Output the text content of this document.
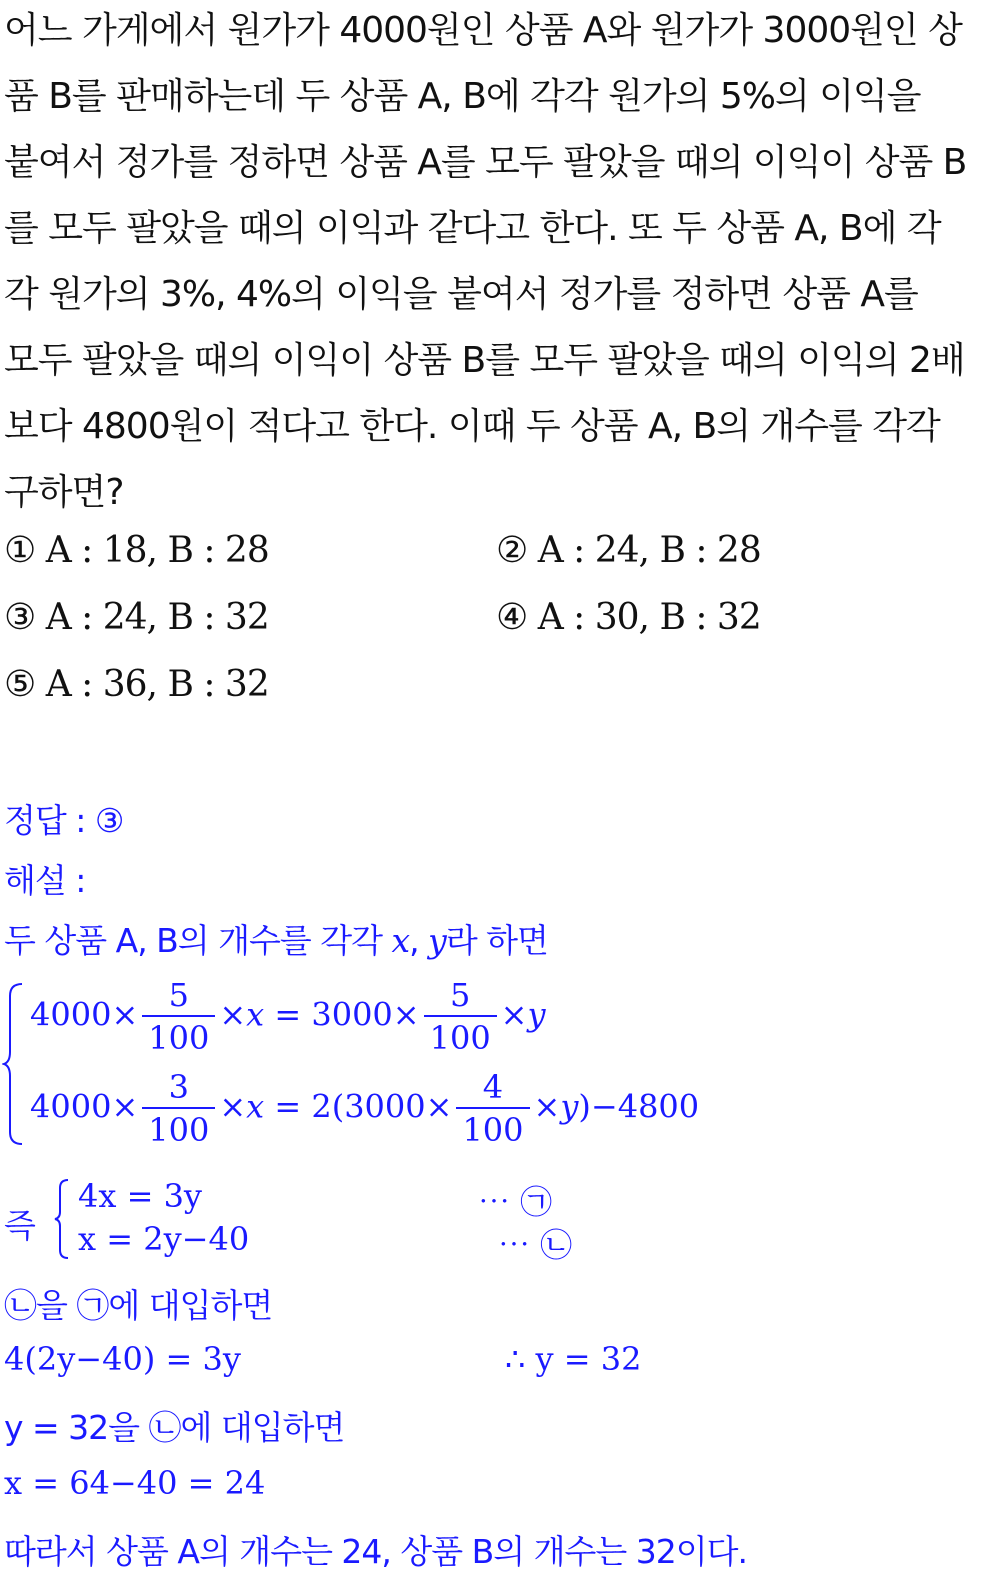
어느 가게에서 원가가 4000원인 상품 A와 원가가 3000원인 상
품 B를 판매하는데 두 상품 A, B에 각각 원가의 5%의 이익을
붙여서 정가를 정하면 상품 A를 모두 팔았을 때의 이익이 상품 B
를 모두 팔았을 때의 이익과 같다고 한다. 또 두 상품 A, B에 각
각 원가의 3%, 4%의 이익을 붙여서 정가를 정하면 상품 A를
모두 팔았을 때의 이익이 상품 B를 모두 팔았을 때의 이익의 2배
보다 4800원이 적다고 한다. 이때 두 상품 A, B의 개수를 각각
구하면?
① A : 18, B : 28	② A : 24, B : 28
③ A : 24, B : 32	④ A : 30, B : 32
⑤ A : 36, B : 32
정답 : ③
해설 :
두 상품 A, B의 개수를 각각 x, y라 하면
$4000\times \frac{5}{100} \times x = 3000\times \frac{5}{100} \times y$
$4000\times \frac{3}{100} \times x = 2(3000\times \frac{4}{100} \times y)-4800$
즉
4x = 3y	⋯ ㉠
x = 2y−40	⋯ ㉡
㉡을 ㉠에 대입하면
4(2y−40) = 3y	∴ y = 32
y = 32을 ㉡에 대입하면
x = 64−40 = 24
따라서 상품 A의 개수는 24, 상품 B의 개수는 32이다.
